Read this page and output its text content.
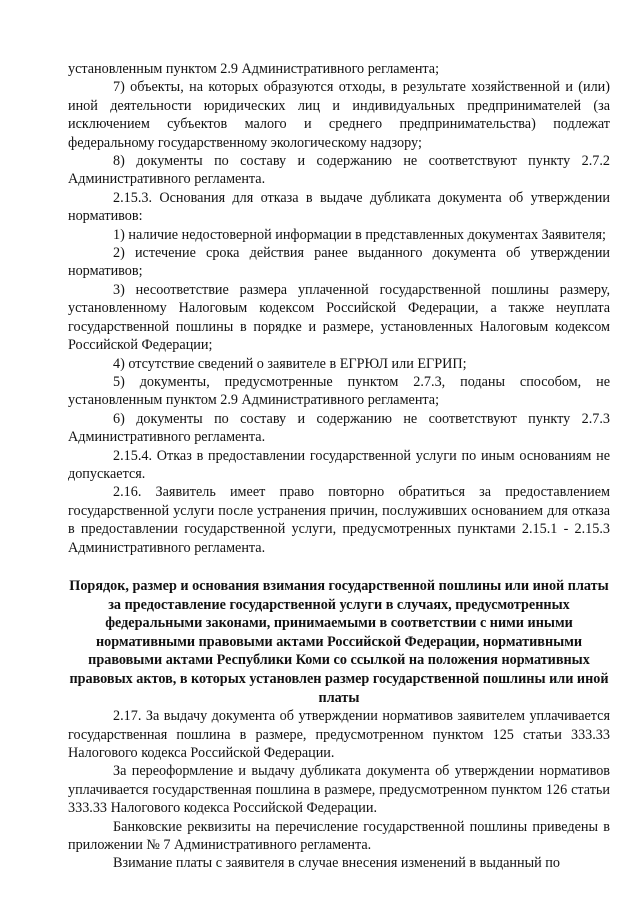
установленным пунктом 2.9 Административного регламента;

7) объекты, на которых образуются отходы, в результате хозяйственной и (или) иной деятельности юридических лиц и индивидуальных предпринимателей (за исключением субъектов малого и среднего предпринимательства) подлежат федеральному государственному экологическому надзору;

8) документы по составу и содержанию не соответствуют пункту 2.7.2 Административного регламента.

2.15.3. Основания для отказа в выдаче дубликата документа об утверждении нормативов:

1) наличие недостоверной информации в представленных документах Заявителя;

2) истечение срока действия ранее выданного документа об утверждении нормативов;

3) несоответствие размера уплаченной государственной пошлины размеру, установленному Налоговым кодексом Российской Федерации, а также неуплата государственной пошлины в порядке и размере, установленных Налоговым кодексом Российской Федерации;

4) отсутствие сведений о заявителе в ЕГРЮЛ или ЕГРИП;

5) документы, предусмотренные пунктом 2.7.3, поданы способом, не установленным пунктом 2.9 Административного регламента;

6) документы по составу и содержанию не соответствуют пункту 2.7.3 Административного регламента.

2.15.4. Отказ в предоставлении государственной услуги по иным основаниям не допускается.

2.16. Заявитель имеет право повторно обратиться за предоставлением государственной услуги после устранения причин, послуживших основанием для отказа в предоставлении государственной услуги, предусмотренных пунктами 2.15.1 - 2.15.3 Административного регламента.

Порядок, размер и основания взимания государственной пошлины или иной платы за предоставление государственной услуги в случаях, предусмотренных федеральными законами, принимаемыми в соответствии с ними иными нормативными правовыми актами Российской Федерации, нормативными правовыми актами Республики Коми со ссылкой на положения нормативных правовых актов, в которых установлен размер государственной пошлины или иной платы

2.17. За выдачу документа об утверждении нормативов заявителем уплачивается государственная пошлина в размере, предусмотренном пунктом 125 статьи 333.33 Налогового кодекса Российской Федерации.

За переоформление и выдачу дубликата документа об утверждении нормативов уплачивается государственная пошлина в размере, предусмотренном пунктом 126 статьи 333.33 Налогового кодекса Российской Федерации.

Банковские реквизиты на перечисление государственной пошлины приведены в приложении № 7 Административного регламента.

Взимание платы с заявителя в случае внесения изменений в выданный по
